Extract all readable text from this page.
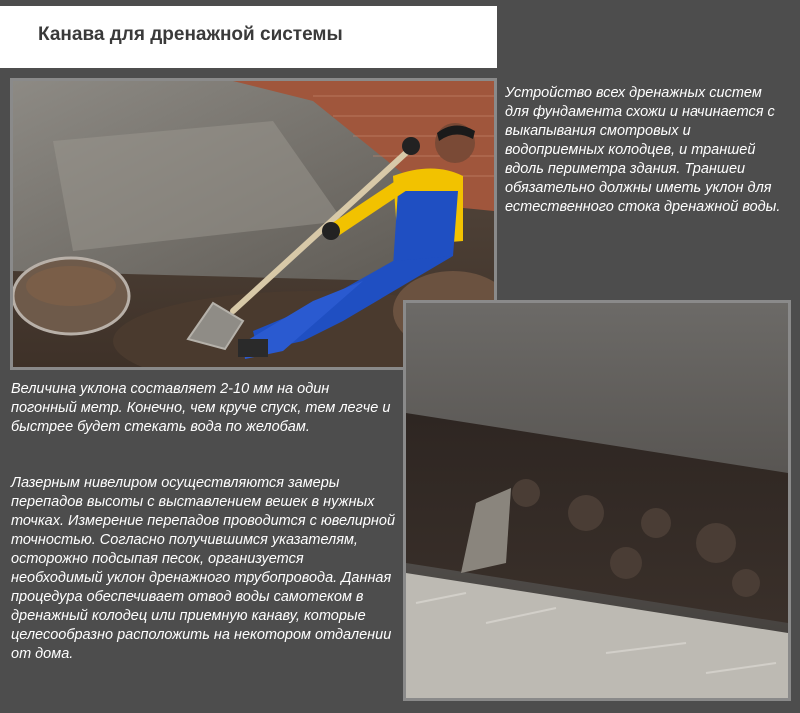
Канава для дренажной системы

Устройство всех дренажных систем для фундамента схожи и начинается с выкапывания смотровых и водоприемных колодцев, и траншей вдоль периметра здания. Траншеи обязательно должны иметь уклон для естественного стока дренажной воды.

Величина уклона составляет 2-10 мм на один погонный метр. Конечно, чем круче спуск, тем легче и быстрее будет стекать вода по желобам.

Лазерным нивелиром осуществляются замеры перепадов высоты с выставлением вешек в нужных точках. Измерение перепадов проводится с ювелирной точностью. Согласно получившимся указателям, осторожно подсыпая песок, организуется необходимый уклон дренажного трубопровода. Данная процедура обеспечивает отвод воды самотеком в дренажный колодец или приемную канаву, которые целесообразно расположить на некотором отдалении от дома.
